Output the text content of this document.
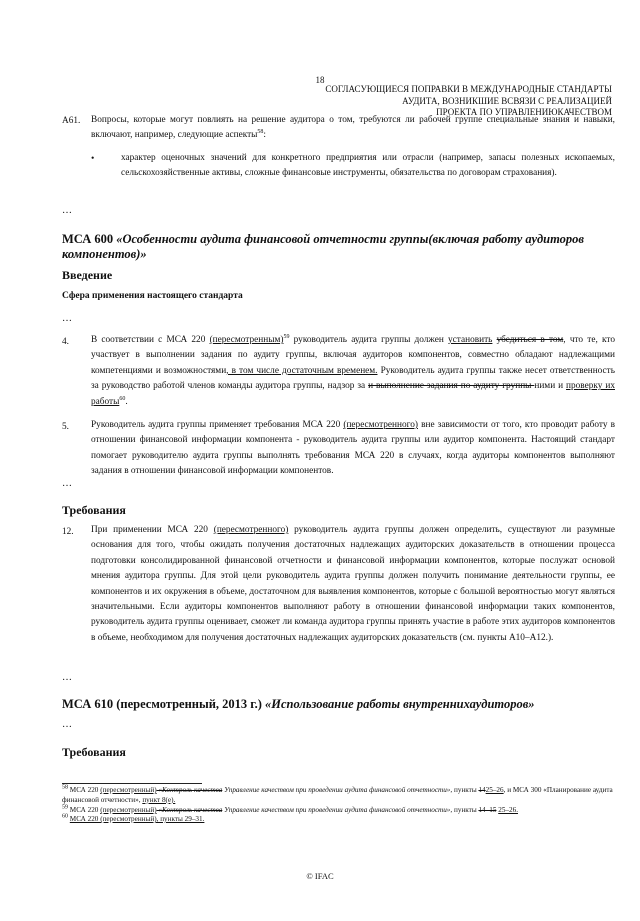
18
СОГЛАСУЮЩИЕСЯ ПОПРАВКИ В МЕЖДУНАРОДНЫЕ СТАНДАРТЫ
АУДИТА, ВОЗНИКШИЕ ВСВЯЗИ С РЕАЛИЗАЦИЕЙ
ПРОЕКТА ПО УПРАВЛЕНИЮКАЧЕСТВОМ
A61. Вопросы, которые могут повлиять на решение аудитора о том, требуются ли рабочей группе специальные знания и навыки, включают, например, следующие аспекты$^{58}$:
•	характер оценочных значений для конкретного предприятия или отрасли (например, запасы полезных ископаемых, сельскохозяйственные активы, сложные финансовые инструменты, обязательства по договорам страхования).
…
МСА 600 «Особенности аудита финансовой отчетности группы(включая работу аудиторов компонентов)»
Введение
Сфера применения настоящего стандарта
…
4. В соответствии с МСА 220 (пересмотренным)$^{59}$ руководитель аудита группы должен установить убедиться в том, что те, кто участвует в выполнении задания по аудиту группы, включая аудиторов компонентов, совместно обладают надлежащими компетенциями и возможностями, в том числе достаточным временем. Руководитель аудита группы также несет ответственность за руководство работой членов команды аудитора группы, надзор за и выполнение задания по аудиту группы ними и проверку их работы$^{60}$.
5. Руководитель аудита группы применяет требования МСА 220 (пересмотренного) вне зависимости от того, кто проводит работу в отношении финансовой информации компонента - руководитель аудита группы или аудитор компонента. Настоящий стандарт помогает руководителю аудита группы выполнять требования МСА 220 в случаях, когда аудиторы компонентов выполняют задания в отношении финансовой информации компонентов.
…
Требования
12. При применении МСА 220 (пересмотренного) руководитель аудита группы должен определить, существуют ли разумные основания для того, чтобы ожидать получения достаточных надлежащих аудиторских доказательств в отношении процесса подготовки консолидированной финансовой отчетности и финансовой информации компонентов, которые послужат основой мнения аудитора группы. Для этой цели руководитель аудита группы должен получить понимание деятельности группы, ее компонентов и их окружения в объеме, достаточном для выявления компонентов, которые с большой вероятностью могут являться значительными. Если аудиторы компонентов выполняют работу в отношении финансовой информации таких компонентов, руководитель аудита группы оценивает, сможет ли команда аудитора группы принять участие в работе этих аудиторов компонентов в объеме, необходимом для получения достаточных надлежащих аудиторских доказательств (см. пункты A10–A12.).
…
МСА 610 (пересмотренный, 2013 г.) «Использование работы внутреннихаудиторов»
…
Требования
$^{58}$ МСА 220 (пересмотренный) «Контроль качества Управление качеством при проведении аудита финансовой отчетности», пункты 1425–26, и МСА 300 «Планирование аудита финансовой отчетности», пункт 8(e).
$^{59}$ МСА 220 (пересмотренный) «Контроль качества Управление качеством при проведении аудита финансовой отчетности», пункты 14–15 25–26.
$^{60}$ МСА 220 (пересмотренный), пункты 29–31.
© IFAC
